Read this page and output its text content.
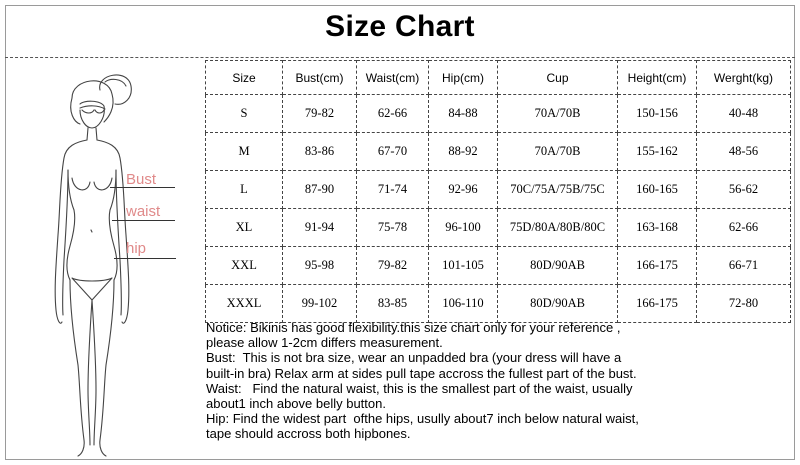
Size Chart
Bust
waist
hip
Size	Bust(cm)	Waist(cm)	Hip(cm)	Cup	Height(cm)	Werght(kg)
S	79-82	62-66	84-88	70A/70B	150-156	40-48
M	83-86	67-70	88-92	70A/70B	155-162	48-56
L	87-90	71-74	92-96	70C/75A/75B/75C	160-165	56-62
XL	91-94	75-78	96-100	75D/80A/80B/80C	163-168	62-66
XXL	95-98	79-82	101-105	80D/90AB	166-175	66-71
XXXL	99-102	83-85	106-110	80D/90AB	166-175	72-80
Notice: Bikinis has good flexibility.this size chart only for your reference ,
please allow 1-2cm differs measurement.
Bust:  This is not bra size, wear an unpadded bra (your dress will have a
built-in bra) Relax arm at sides pull tape accross the fullest part of the bust.
Waist:   Find the natural waist, this is the smallest part of the waist, usually
about1 inch above belly button.
Hip: Find the widest part  ofthe hips, usully about7 inch below natural waist,
tape should accross both hipbones.
